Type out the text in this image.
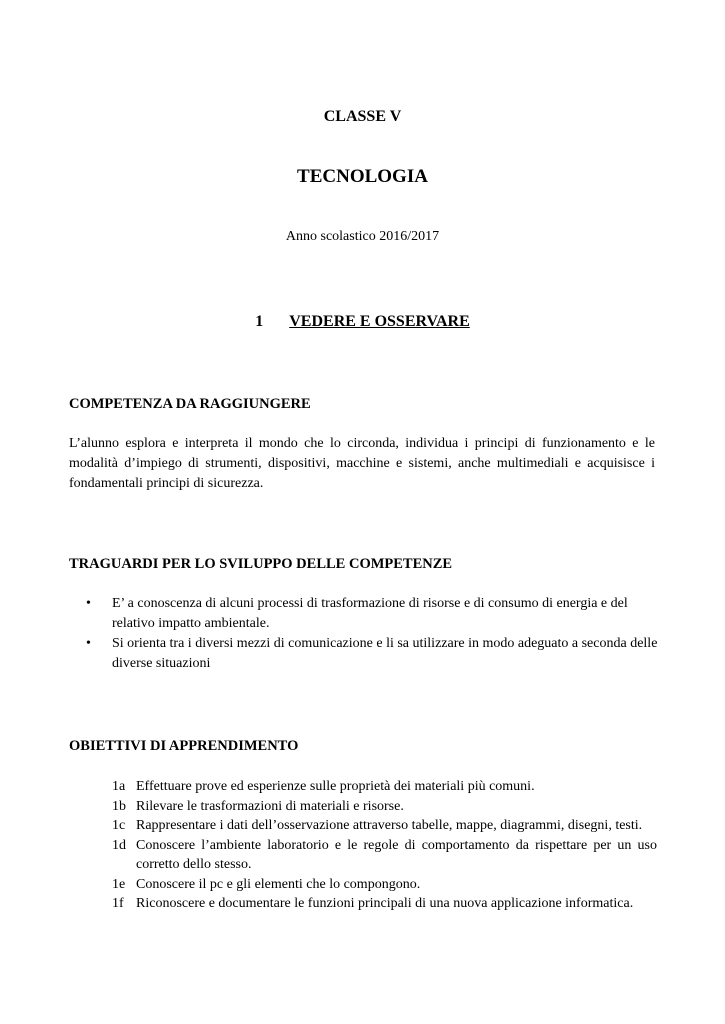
CLASSE V
TECNOLOGIA
Anno scolastico 2016/2017
1 VEDERE E OSSERVARE
COMPETENZA DA RAGGIUNGERE
L’alunno esplora e interpreta il mondo che lo circonda, individua i principi di funzionamento e le modalità d’impiego di strumenti, dispositivi, macchine e sistemi, anche multimediali e acquisisce i fondamentali principi di sicurezza.
TRAGUARDI PER LO SVILUPPO DELLE COMPETENZE
•	E’ a conoscenza di alcuni processi di trasformazione di risorse e di consumo di energia e del relativo impatto ambientale.
•	Si orienta tra i diversi mezzi di comunicazione e li sa utilizzare in modo adeguato a seconda delle diverse situazioni
OBIETTIVI DI APPRENDIMENTO
1a Effettuare prove ed esperienze sulle proprietà dei materiali più comuni.
1b Rilevare le trasformazioni di materiali e risorse.
1c Rappresentare i dati dell’osservazione attraverso tabelle, mappe, diagrammi, disegni, testi.
1d Conoscere l’ambiente laboratorio e le regole di comportamento da rispettare per un uso corretto dello stesso.
1e Conoscere il pc e gli elementi che lo compongono.
1f Riconoscere e documentare le funzioni principali di una nuova applicazione informatica.
